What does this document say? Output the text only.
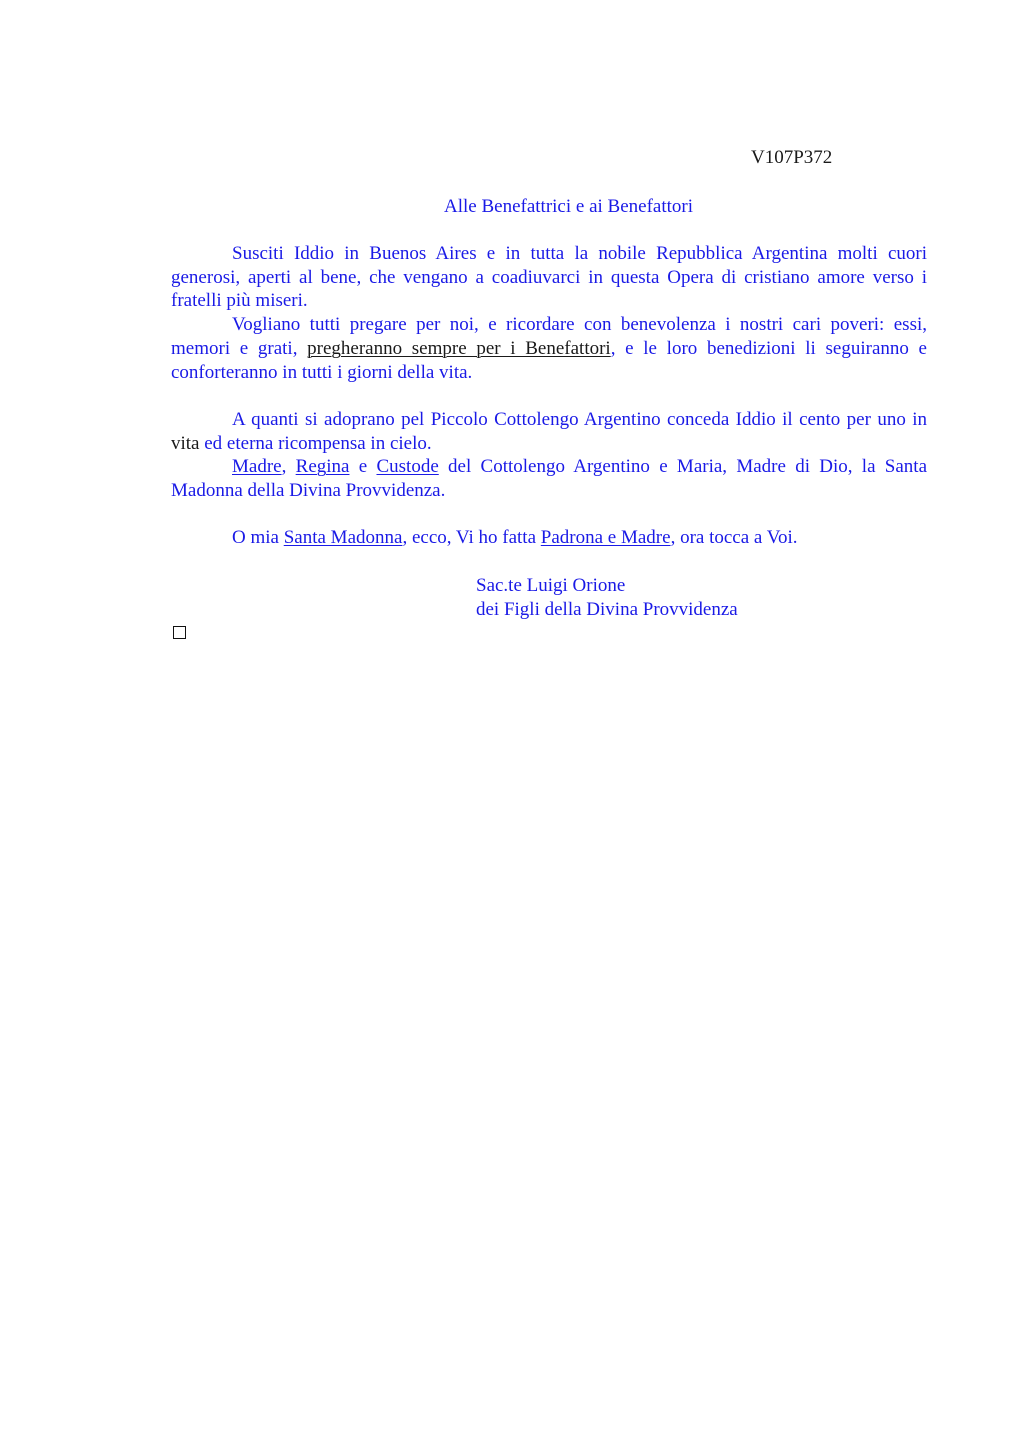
V107P372
Alle Benefattrici e ai Benefattori

Susciti Iddio in Buenos Aires e in tutta la nobile Repubblica Argentina molti cuori generosi, aperti al bene, che vengano a coadiuvarci in questa Opera di cristiano amore verso i fratelli più miseri.

Vogliano tutti pregare per noi, e ricordare con benevolenza i nostri cari poveri: essi, memori e grati, pregheranno sempre per i Benefattori, e le loro benedizioni li seguiranno e conforteranno in tutti i giorni della vita.

A quanti si adoprano pel Piccolo Cottolengo Argentino conceda Iddio il cento per uno in vita ed eterna ricompensa in cielo.

Madre, Regina e Custode del Cottolengo Argentino e Maria, Madre di Dio, la Santa Madonna della Divina Provvidenza.

O mia Santa Madonna, ecco, Vi ho fatta Padrona e Madre, ora tocca a Voi.

Sac.te Luigi Orione
dei Figli della Divina Provvidenza
